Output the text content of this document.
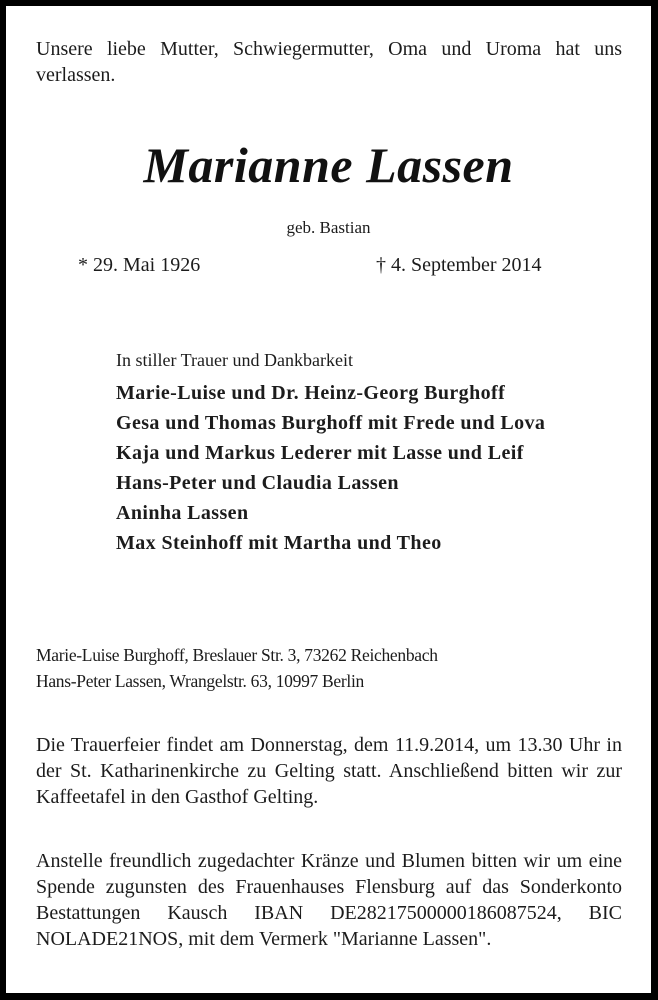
Unsere liebe Mutter, Schwiegermutter, Oma und Uroma hat uns verlassen.
Marianne Lassen
geb. Bastian
* 29. Mai 1926	† 4. September 2014
In stiller Trauer und Dankbarkeit
Marie-Luise und Dr. Heinz-Georg Burghoff
Gesa und Thomas Burghoff mit Frede und Lova
Kaja und Markus Lederer mit Lasse und Leif
Hans-Peter und Claudia Lassen
Aninha Lassen
Max Steinhoff mit Martha und Theo
Marie-Luise Burghoff, Breslauer Str. 3, 73262 Reichenbach
Hans-Peter Lassen, Wrangelstr. 63, 10997 Berlin
Die Trauerfeier findet am Donnerstag, dem 11.9.2014, um 13.30 Uhr in der St. Katharinenkirche zu Gelting statt. Anschließend bitten wir zur Kaffeetafel in den Gasthof Gelting.
Anstelle freundlich zugedachter Kränze und Blumen bitten wir um eine Spende zugunsten des Frauenhauses Flensburg auf das Sonderkonto Bestattungen Kausch IBAN DE28217500000186087524, BIC NOLADE21NOS, mit dem Vermerk "Marianne Lassen".
